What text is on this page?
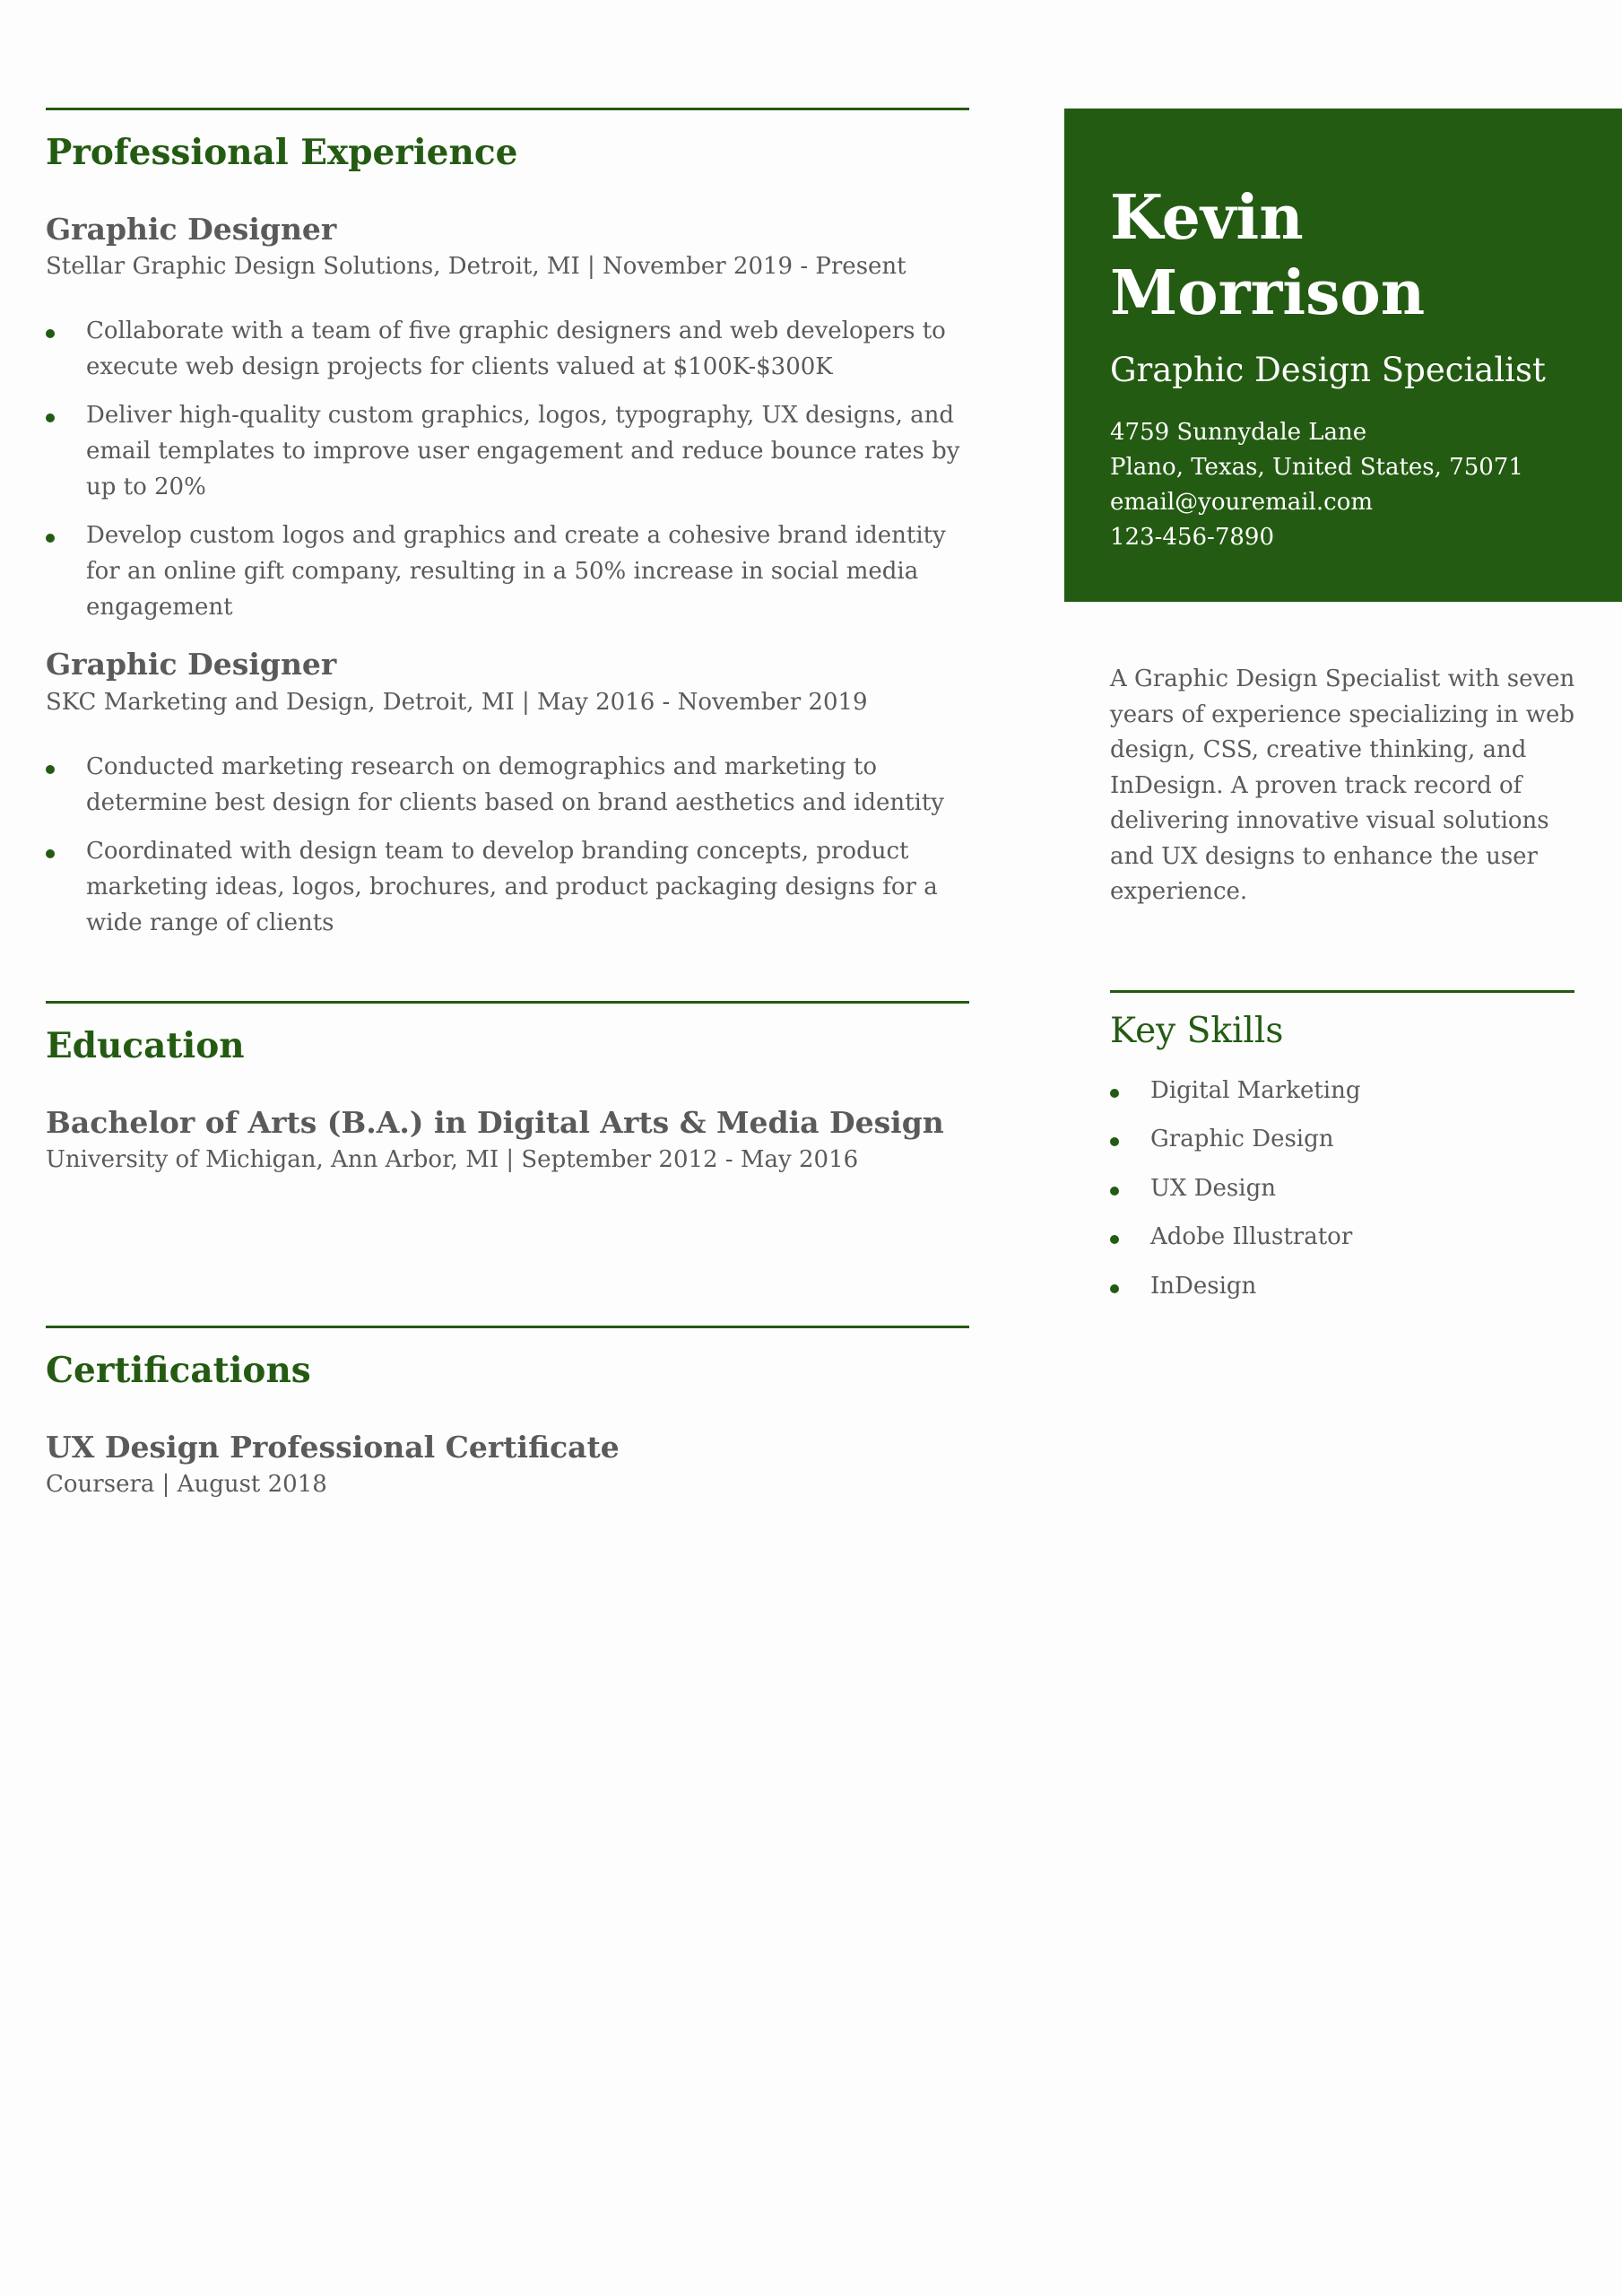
Professional Experience
Graphic Designer

Stellar Graphic Design Solutions, Detroit, MI | November 2019 - Present

Collaborate with a team of five graphic designers and web developers to execute web design projects for clients valued at $100K-$300K
Deliver high-quality custom graphics, logos, typography, UX designs, and email templates to improve user engagement and reduce bounce rates by up to 20%
Develop custom logos and graphics and create a cohesive brand identity for an online gift company, resulting in a 50% increase in social media engagement
Graphic Designer

SKC Marketing and Design, Detroit, MI | May 2016 - November 2019

Conducted marketing research on demographics and marketing to determine best design for clients based on brand aesthetics and identity
Coordinated with design team to develop branding concepts, product marketing ideas, logos, brochures, and product packaging designs for a wide range of clients
Education
Bachelor of Arts (B.A.) in Digital Arts & Media Design

University of Michigan, Ann Arbor, MI | September 2012 - May 2016

Certifications
UX Design Professional Certificate

Coursera | August 2018

Kevin
Morrison

Graphic Design Specialist

4759 Sunnydale Lane
Plano, Texas, United States, 75071
email@youremail.com
123-456-7890

A Graphic Design Specialist with seven years of experience specializing in web design, CSS, creative thinking, and InDesign. A proven track record of delivering innovative visual solutions and UX designs to enhance the user experience.

Key Skills
Digital Marketing
Graphic Design
UX Design
Adobe Illustrator
InDesign
